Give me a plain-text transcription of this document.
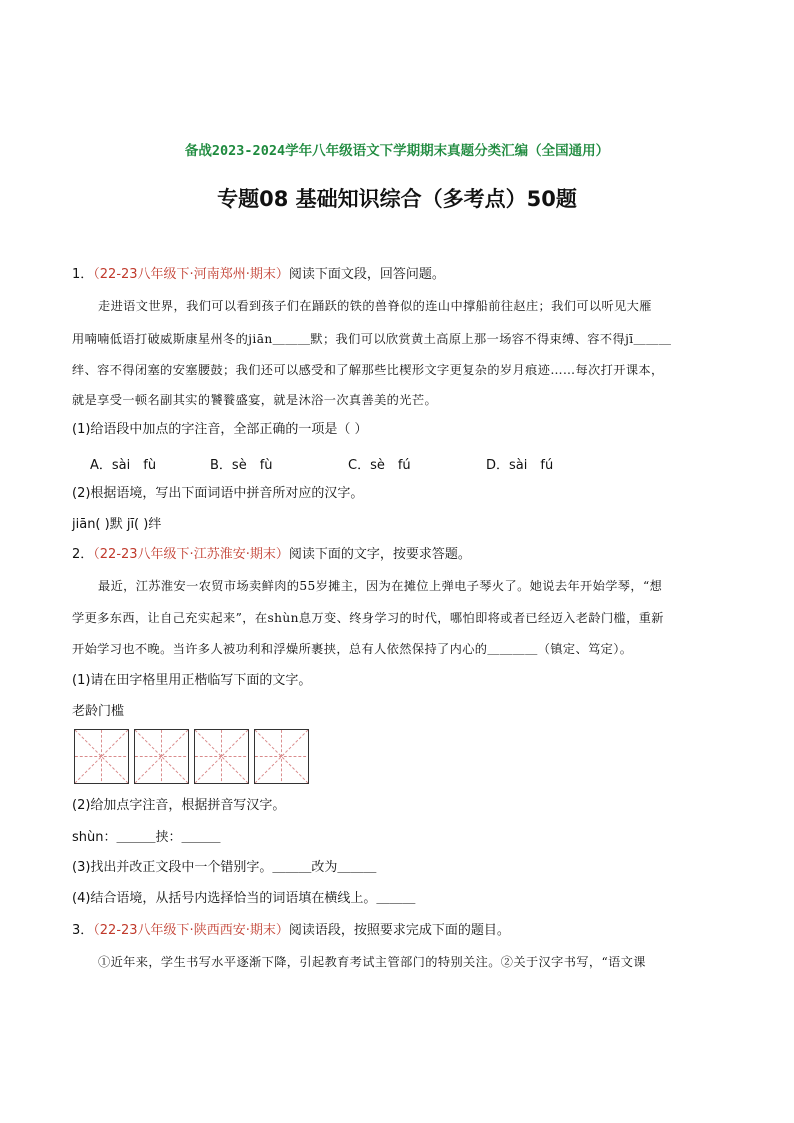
备战2023-2024学年八年级语文下学期期末真题分类汇编（全国通用）
专题08 基础知识综合（多考点）50题
1．（22-23八年级下·河南郑州·期末）阅读下面文段，回答问题。
走进语文世界，我们可以看到孩子们在踊跃的铁的兽脊似的连山中撑船前往赵庄；我们可以听见大雁
用喃喃低语打破威斯康星州冬的jiān＿＿＿默；我们可以欣赏黄土高原上那一场容不得束缚、容不得jī＿＿＿
绊、容不得闭塞的安塞腰鼓；我们还可以感受和了解那些比楔形文字更复杂的岁月痕迹……每次打开课本，
就是享受一顿名副其实的饕餮盛宴，就是沐浴一次真善美的光芒。
(1)给语段中加点的字注音，全部正确的一项是（ ）
A．sài　fù	B．sè　fù	C．sè　fú	D．sài　fú
(2)根据语境，写出下面词语中拼音所对应的汉字。
jiān( )默 jī( )绊
2．（22-23八年级下·江苏淮安·期末）阅读下面的文字，按要求答题。
最近，江苏淮安一农贸市场卖鲜肉的55岁摊主，因为在摊位上弹电子琴火了。她说去年开始学琴，“想
学更多东西，让自己充实起来”，在shùn息万变、终身学习的时代，哪怕即将或者已经迈入老龄门槛，重新
开始学习也不晚。当许多人被功利和浮燥所裹挟，总有人依然保持了内心的＿＿＿＿（镇定、笃定）。
(1)请在田字格里用正楷临写下面的文字。
老龄门槛
(2)给加点字注音，根据拼音写汉字。
shùn：＿＿＿挟：＿＿＿
(3)找出并改正文段中一个错别字。＿＿＿改为＿＿＿
(4)结合语境，从括号内选择恰当的词语填在横线上。＿＿＿
3．（22-23八年级下·陕西西安·期末）阅读语段，按照要求完成下面的题目。
①近年来，学生书写水平逐渐下降，引起教育考试主管部门的特别关注。②关于汉字书写，“语文课
